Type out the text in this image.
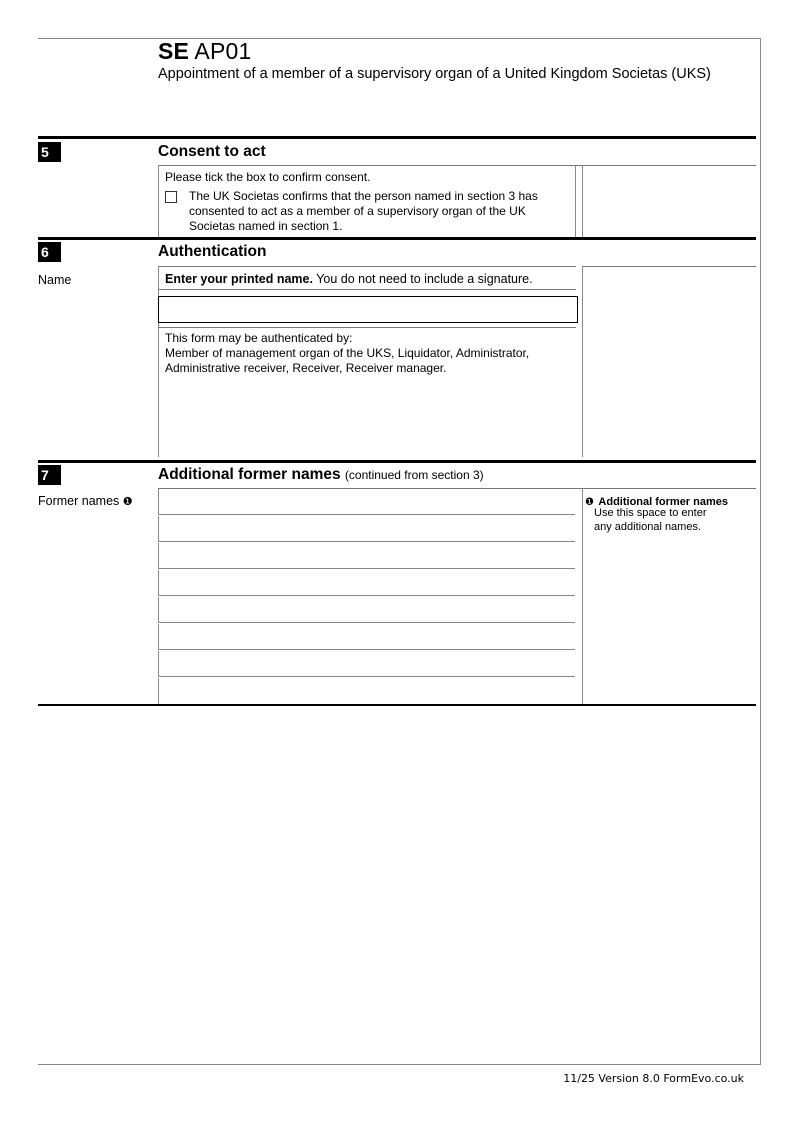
SE AP01
Appointment of a member of a supervisory organ of a United Kingdom Societas (UKS)
5	Consent to act
Please tick the box to confirm consent.
The UK Societas confirms that the person named in section 3 has consented to act as a member of a supervisory organ of the UK Societas named in section 1.
6	Authentication
Name	Enter your printed name. You do not need to include a signature.
This form may be authenticated by:
Member of management organ of the UKS, Liquidator, Administrator, Administrative receiver, Receiver, Receiver manager.
7	Additional former names (continued from section 3)
Former names ❶	❶ Additional former names
Use this space to enter
any additional names.
11/25 Version 8.0 FormEvo.co.uk
